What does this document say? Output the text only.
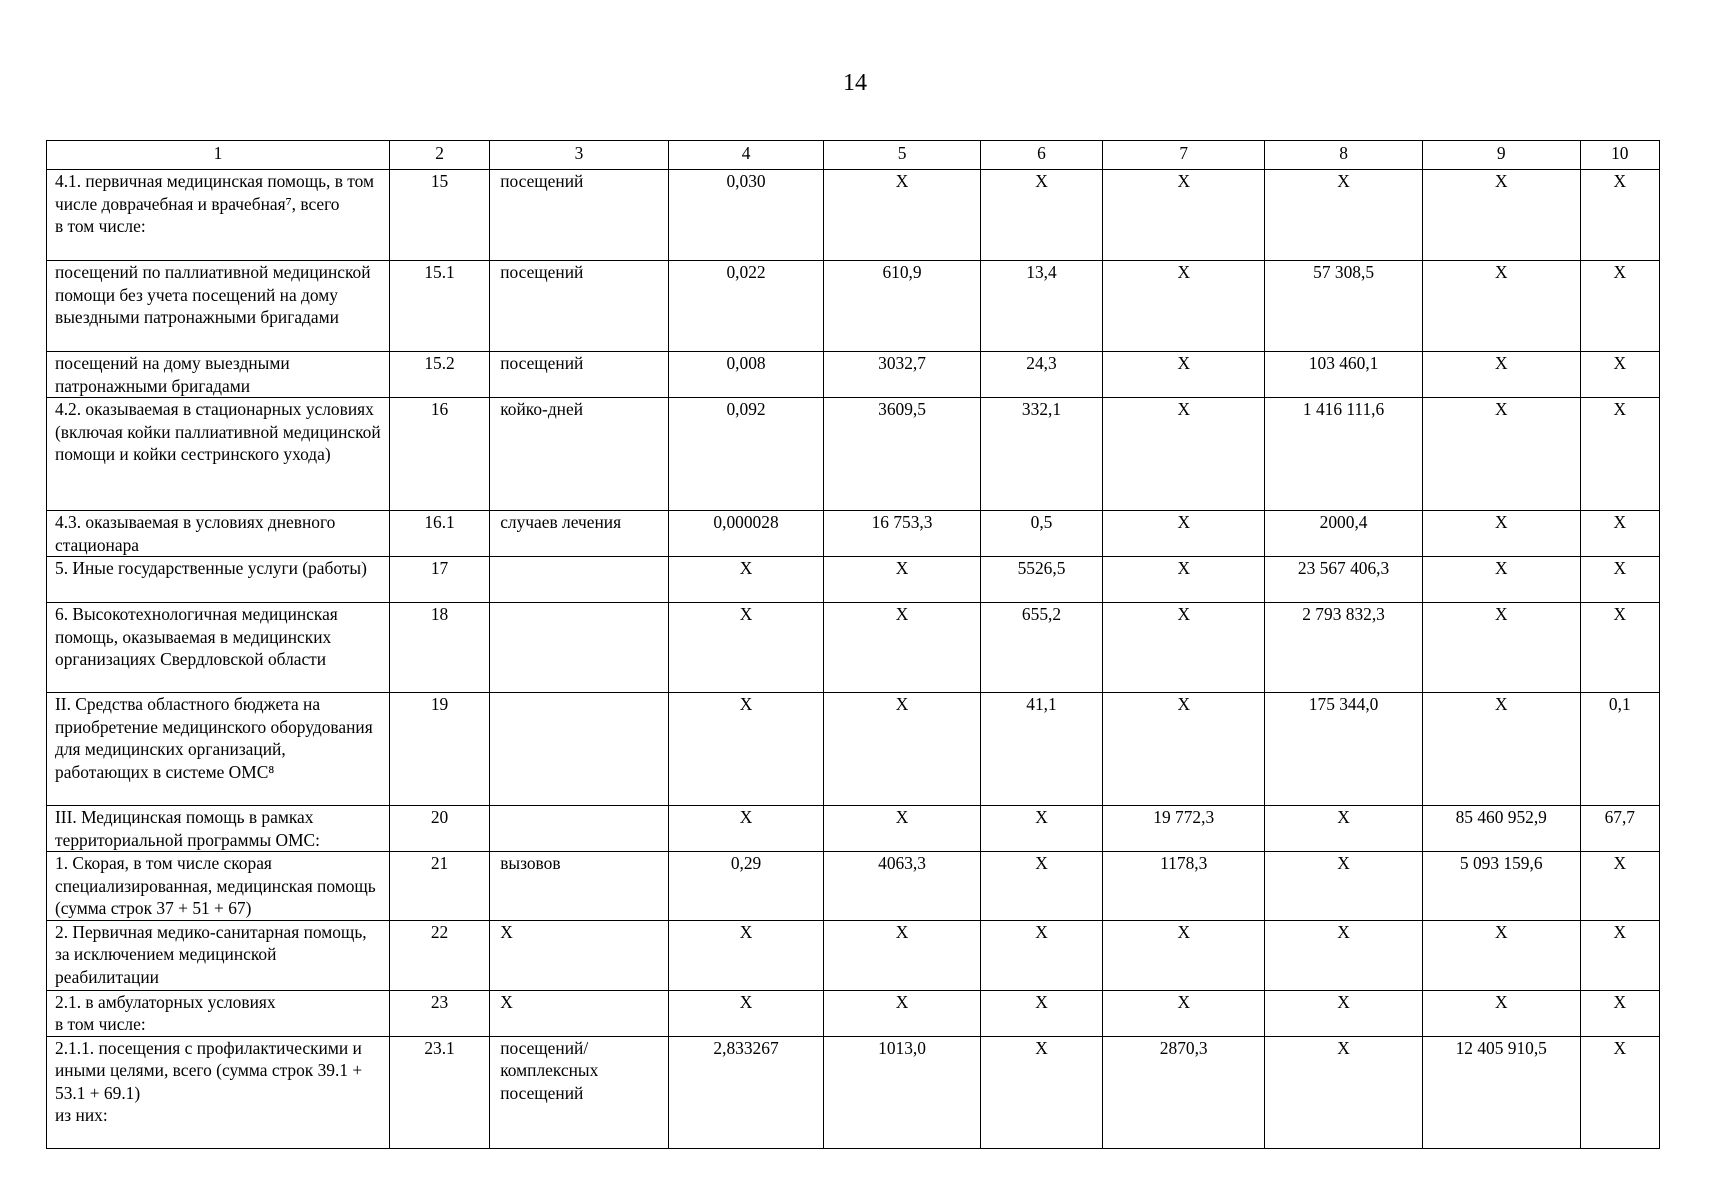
14
1	2	3	4	5	6	7	8	9	10
4.1. первичная медицинская помощь, в том числе доврачебная и врачебная⁷, всего
в том числе:	15	посещений	0,030	X	X	X	X	X	X
посещений по паллиативной медицинской помощи без учета посещений на дому выездными патронажными бригадами	15.1	посещений	0,022	610,9	13,4	X	57 308,5	X	X
посещений на дому выездными патронажными бригадами	15.2	посещений	0,008	3032,7	24,3	X	103 460,1	X	X
4.2. оказываемая в стационарных условиях (включая койки паллиативной медицинской помощи и койки сестринского ухода)	16	койко-дней	0,092	3609,5	332,1	X	1 416 111,6	X	X
4.3. оказываемая в условиях дневного стационара	16.1	случаев лечения	0,000028	16 753,3	0,5	X	2000,4	X	X
5. Иные государственные услуги (работы)	17		X	X	5526,5	X	23 567 406,3	X	X
6. Высокотехнологичная медицинская помощь, оказываемая в медицинских организациях Свердловской области	18		X	X	655,2	X	2 793 832,3	X	X
II. Средства областного бюджета на приобретение медицинского оборудования для медицинских организаций, работающих в системе ОМС⁸	19		X	X	41,1	X	175 344,0	X	0,1
III. Медицинская помощь в рамках территориальной программы ОМС:	20		X	X	X	19 772,3	X	85 460 952,9	67,7
1. Скорая, в том числе скорая специализированная, медицинская помощь (сумма строк 37 + 51 + 67)	21	вызовов	0,29	4063,3	X	1178,3	X	5 093 159,6	X
2. Первичная медико-санитарная помощь, за исключением медицинской реабилитации	22	X	X	X	X	X	X	X	X
2.1. в амбулаторных условиях
в том числе:	23	X	X	X	X	X	X	X	X
2.1.1. посещения с профилактическими и иными целями, всего (сумма строк 39.1 + 53.1 + 69.1)
из них:	23.1	посещений/ комплексных посещений	2,833267	1013,0	X	2870,3	X	12 405 910,5	X
